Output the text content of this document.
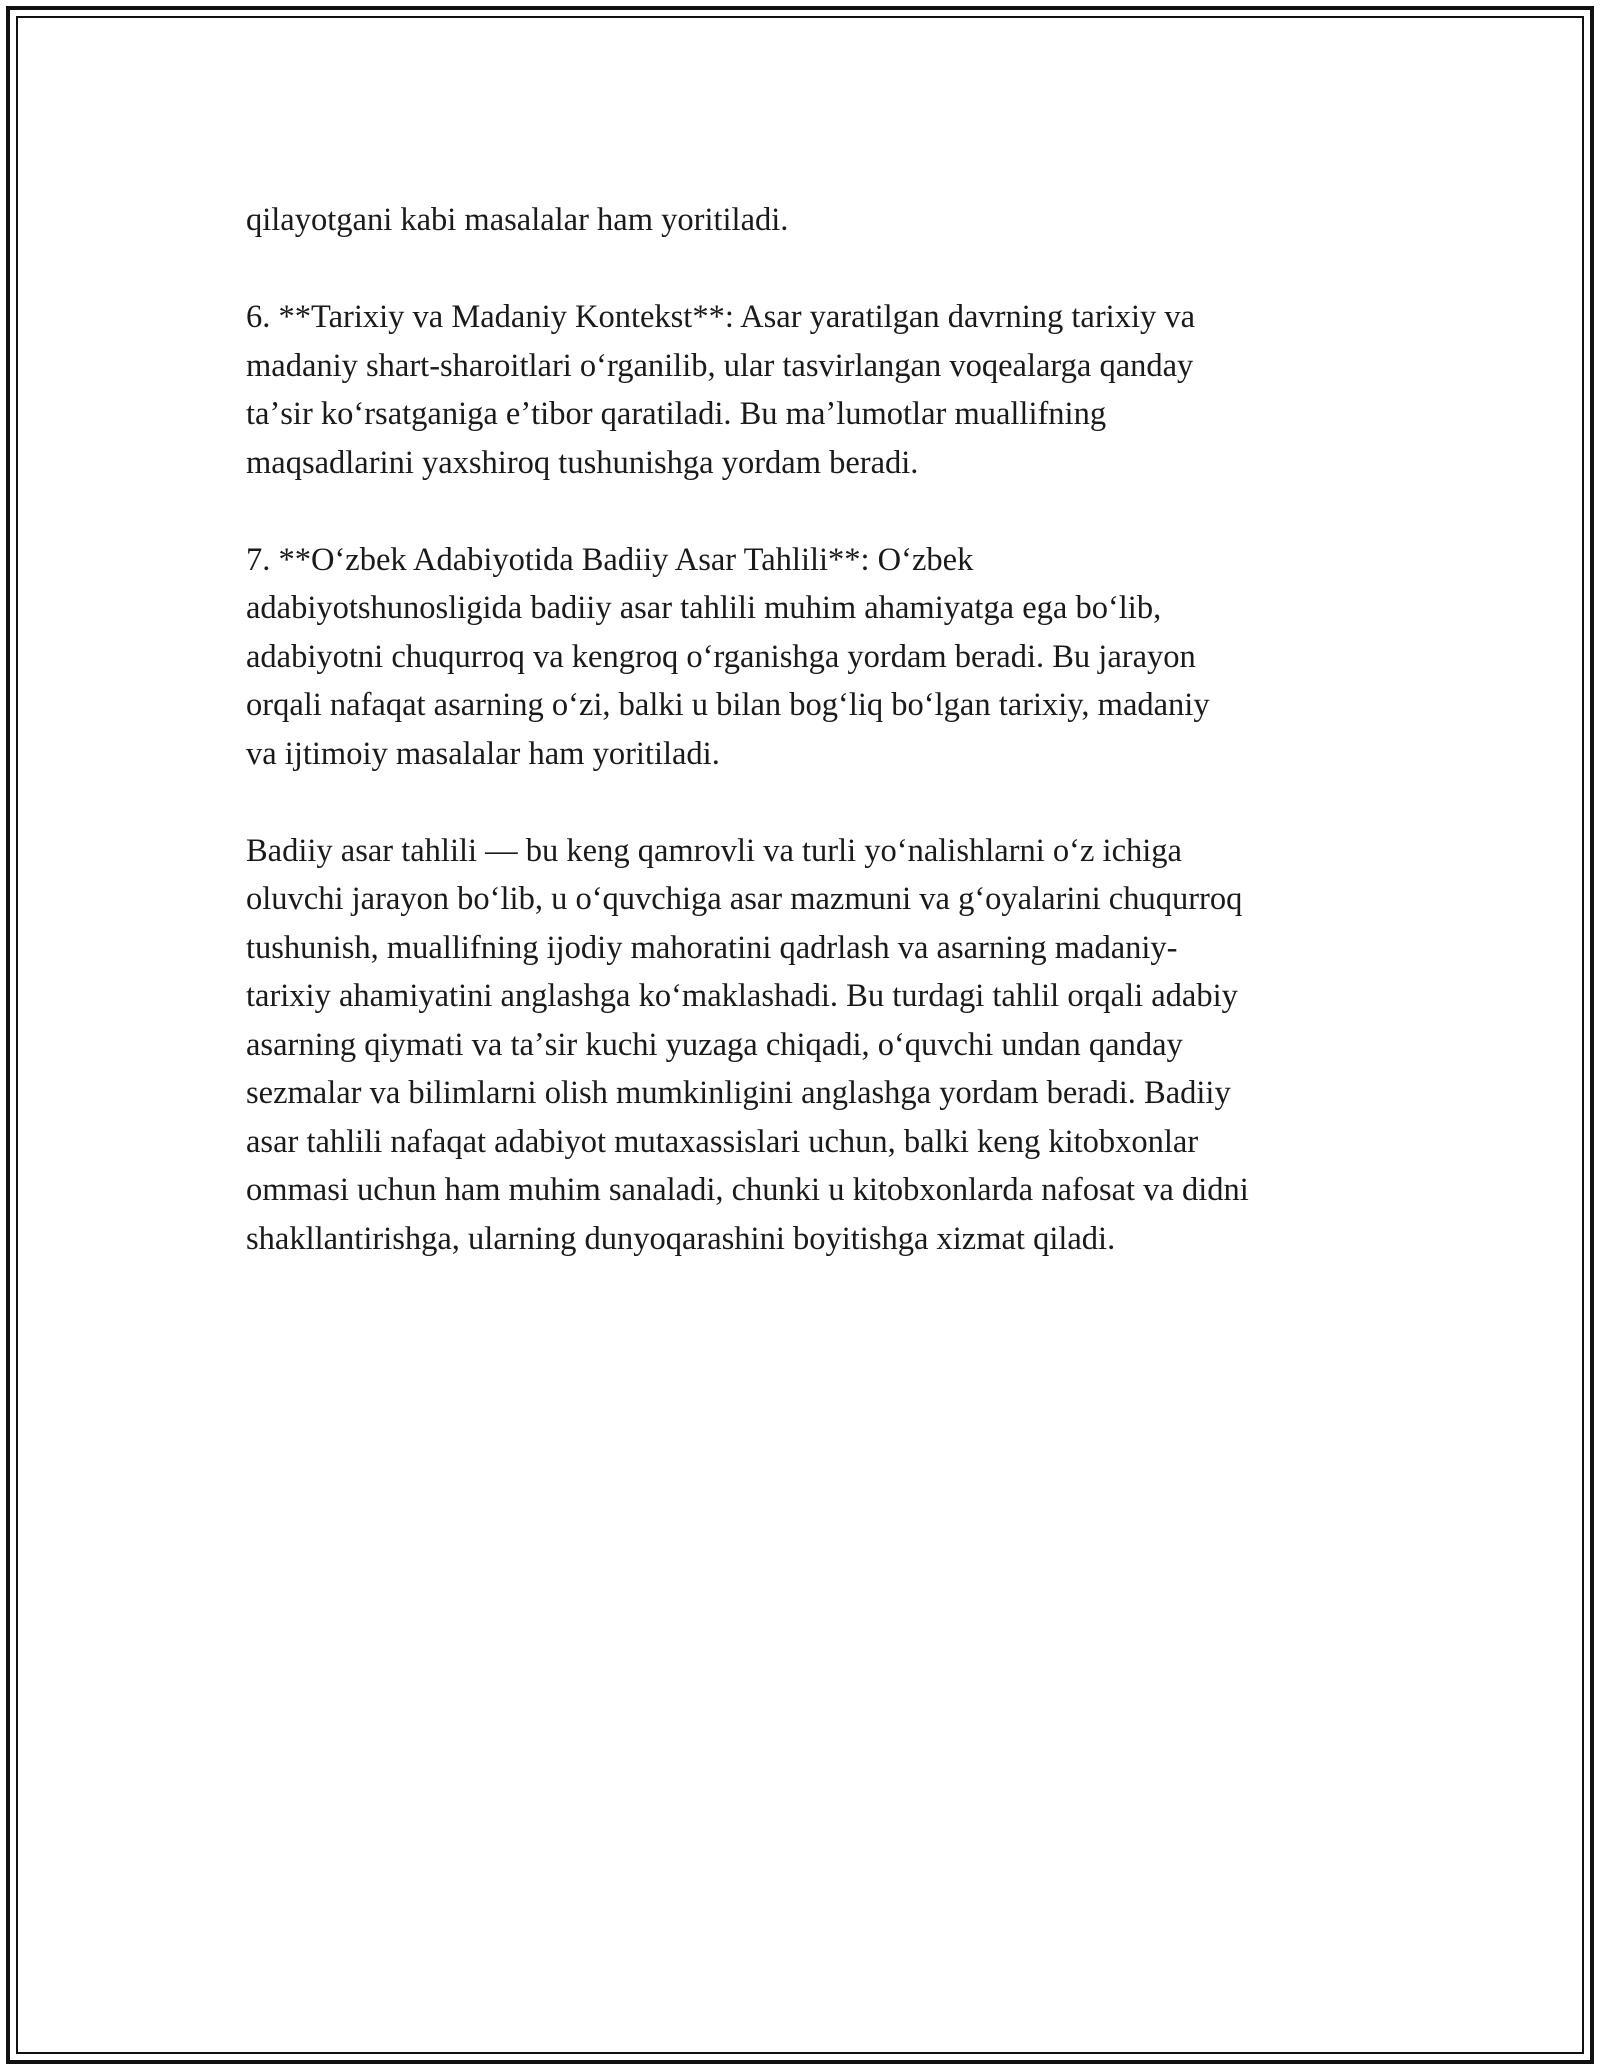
qilayotgani kabi masalalar ham yoritiladi.

6. **Tarixiy va Madaniy Kontekst**: Asar yaratilgan davrning tarixiy va
madaniy shart-sharoitlari oʻrganilib, ular tasvirlangan voqealarga qanday
taʼsir koʻrsatganiga eʼtibor qaratiladi. Bu maʼlumotlar muallifning
maqsadlarini yaxshiroq tushunishga yordam beradi.

7. **Oʻzbek Adabiyotida Badiiy Asar Tahlili**: Oʻzbek
adabiyotshunosligida badiiy asar tahlili muhim ahamiyatga ega boʻlib,
adabiyotni chuqurroq va kengroq oʻrganishga yordam beradi. Bu jarayon
orqali nafaqat asarning oʻzi, balki u bilan bogʻliq boʻlgan tarixiy, madaniy
va ijtimoiy masalalar ham yoritiladi.

Badiiy asar tahlili — bu keng qamrovli va turli yoʻnalishlarni oʻz ichiga
oluvchi jarayon boʻlib, u oʻquvchiga asar mazmuni va gʻoyalarini chuqurroq
tushunish, muallifning ijodiy mahoratini qadrlash va asarning madaniy-
tarixiy ahamiyatini anglashga koʻmaklashadi. Bu turdagi tahlil orqali adabiy
asarning qiymati va taʼsir kuchi yuzaga chiqadi, oʻquvchi undan qanday
sezmalar va bilimlarni olish mumkinligini anglashga yordam beradi. Badiiy
asar tahlili nafaqat adabiyot mutaxassislari uchun, balki keng kitobxonlar
ommasi uchun ham muhim sanaladi, chunki u kitobxonlarda nafosat va didni
shakllantirishga, ularning dunyoqarashini boyitishga xizmat qiladi.
